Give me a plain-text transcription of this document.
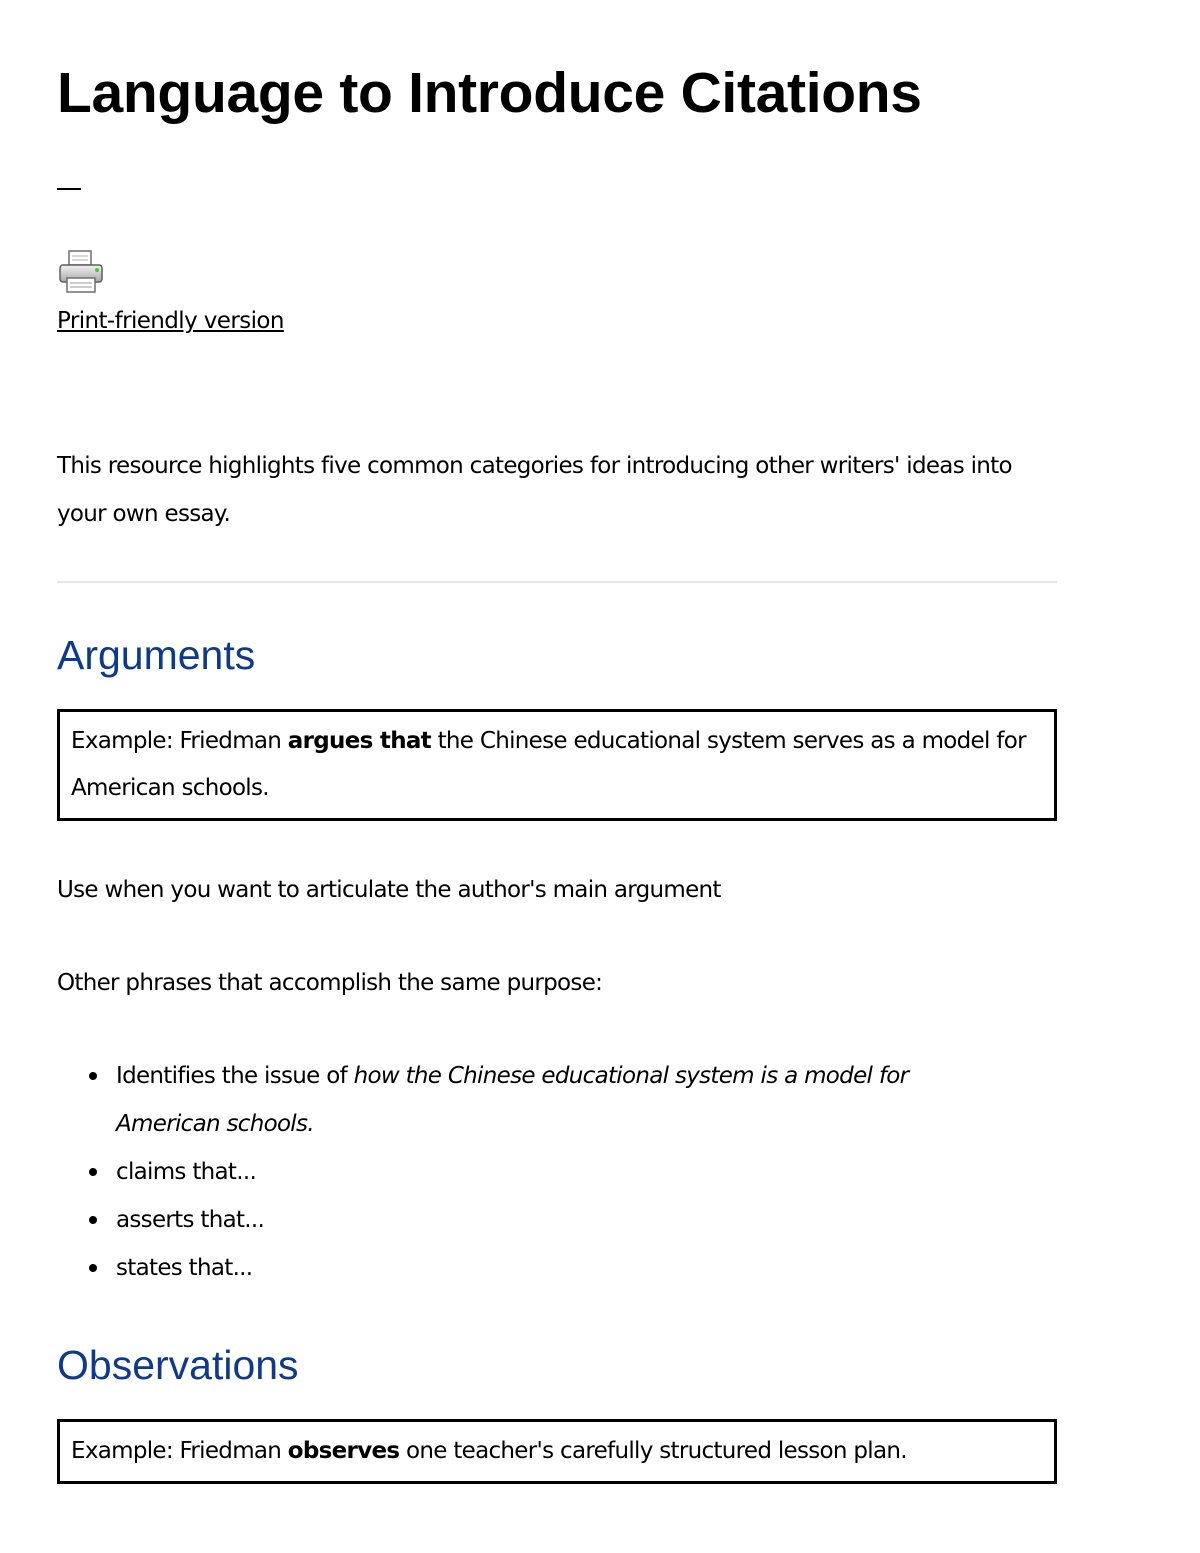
Language to Introduce Citations
Print-friendly version

This resource highlights five common categories for introducing other writers' ideas into your own essay.

Arguments
Example: Friedman argues that the Chinese educational system serves as a model for American schools.

Use when you want to articulate the author's main argument

Other phrases that accomplish the same purpose:

Identifies the issue of how the Chinese educational system is a model for American schools.
claims that...
asserts that...
states that...
Observations
Example: Friedman observes one teacher's carefully structured lesson plan.
